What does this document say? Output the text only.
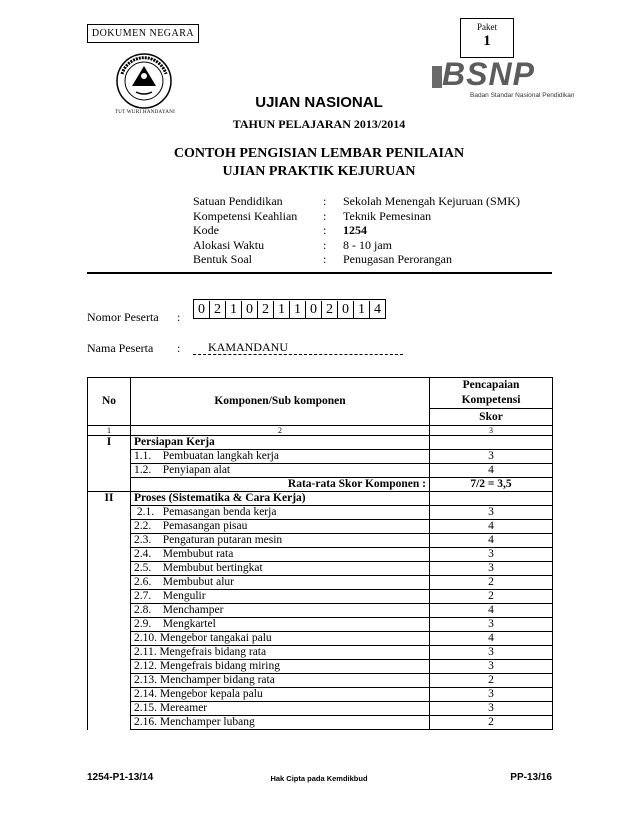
DOKUMEN NEGARA
Paket
1
TUT WURI HANDAYANI
BSNP
Badan Standar Nasional Pendidikan
UJIAN NASIONAL
TAHUN PELAJARAN 2013/2014
CONTOH PENGISIAN LEMBAR PENILAIAN
UJIAN PRAKTIK KEJURUAN
Satuan Pendidikan	: Sekolah Menengah Kejuruan (SMK)
Kompetensi Keahlian : Teknik Pemesinan
Kode	: 1254
Alokasi Waktu	: 8 - 10 jam
Bentuk Soal	: Penugasan Perorangan
Nomor Peserta :	0 2 1 0 2 1 1 0 2 0 1 4
Nama Peserta : KAMANDANU
No	Komponen/Sub komponen	Pencapaian
Kompetensi

		Skor
1	2	3
I	Persiapan Kerja	
	1.1.    Pembuatan langkah kerja	3
	1.2.    Penyiapan alat	4
	Rata-rata Skor Komponen :	7/2 = 3,5
II	Proses (Sistematika & Cara Kerja)	
	2.1.   Pemasangan benda kerja	3
	2.2.    Pemasangan pisau	4
	2.3.    Pengaturan putaran mesin	4
	2.4.    Membubut rata	3
	2.5.    Membubut bertingkat	3
	2.6.    Membubut alur	2
	2.7.    Mengulir	2
	2.8.    Menchamper	4
	2.9.    Mengkartel	3
	2.10. Mengebor tangakai palu	4
	2.11. Mengefrais bidang rata	3
	2.12. Mengefrais bidang miring	3
	2.13. Menchamper bidang rata	2
	2.14. Mengebor kepala palu	3
	2.15. Mereamer	3
	2.16. Menchamper lubang	2
1254-P1-13/14	Hak Cipta pada Kemdikbud	PP-13/16
